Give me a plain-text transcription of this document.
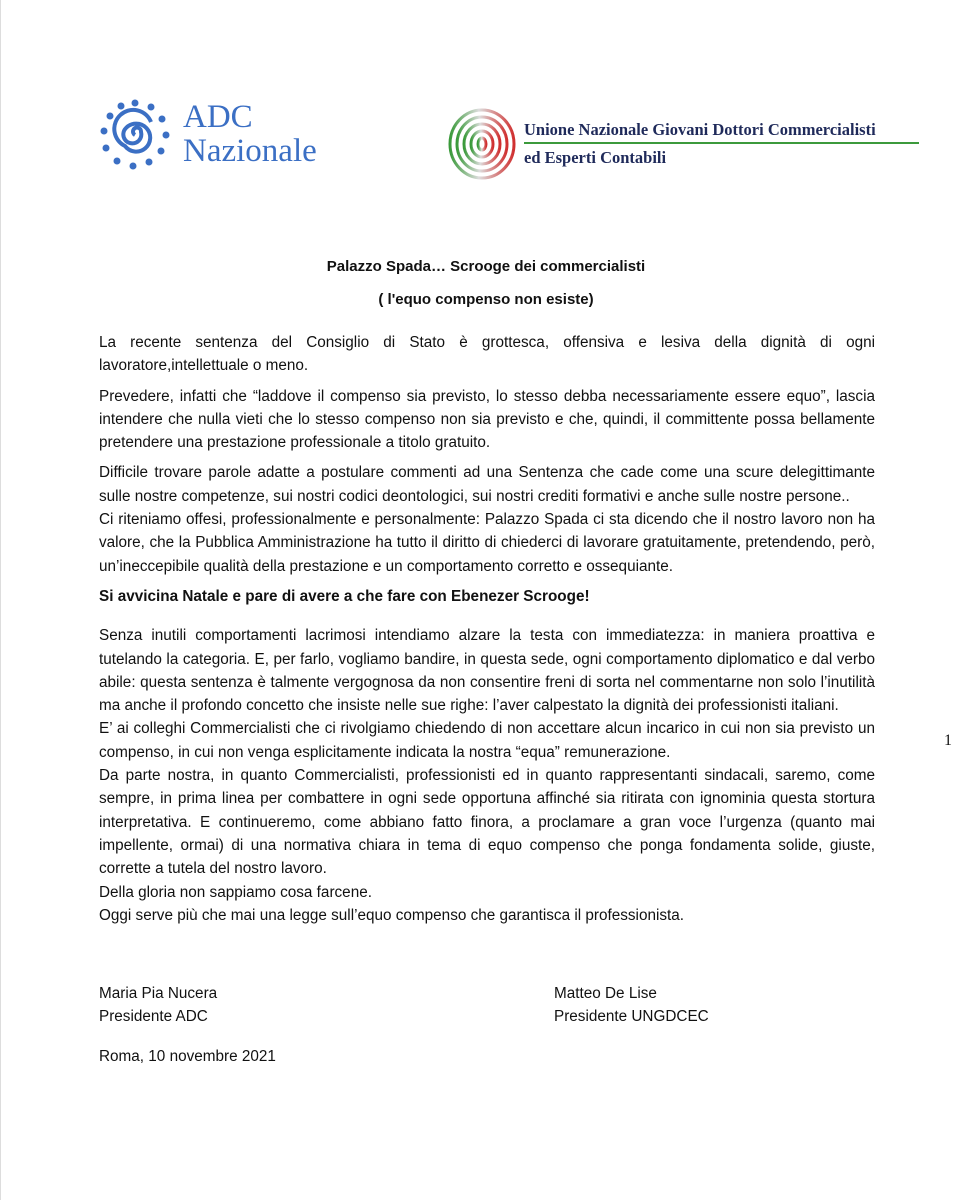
ADC
Nazionale
Unione Nazionale Giovani Dottori Commercialisti
ed Esperti Contabili
Palazzo Spada… Scrooge dei commercialisti
( l'equo compenso non esiste)

La recente sentenza del Consiglio di Stato è grottesca, offensiva e lesiva della dignità di ogni lavoratore,intellettuale o meno.

Prevedere, infatti che “laddove il compenso sia previsto, lo stesso debba necessariamente essere equo”, lascia intendere che nulla vieti che lo stesso compenso non sia previsto e che, quindi, il committente possa bellamente pretendere una prestazione professionale a titolo gratuito.

Difficile trovare parole adatte a postulare commenti ad una Sentenza che cade come una scure delegittimante sulle nostre competenze, sui nostri codici deontologici, sui nostri crediti formativi e anche sulle nostre persone..

Ci riteniamo offesi, professionalmente e personalmente: Palazzo Spada ci sta dicendo che il nostro lavoro non ha valore, che la Pubblica Amministrazione ha tutto il diritto di chiederci di lavorare gratuitamente, pretendendo, però, un’ineccepibile qualità della prestazione e un comportamento corretto e ossequiante.

Si avvicina Natale e pare di avere a che fare con Ebenezer Scrooge!

Senza inutili comportamenti lacrimosi intendiamo alzare la testa con immediatezza: in maniera proattiva e tutelando la categoria. E, per farlo, vogliamo bandire, in questa sede, ogni comportamento diplomatico e dal verbo abile: questa sentenza è talmente vergognosa da non consentire freni di sorta nel commentarne non solo l’inutilità ma anche il profondo concetto che insiste nelle sue righe: l’aver calpestato la dignità dei professionisti italiani.

E’ ai colleghi Commercialisti che ci rivolgiamo chiedendo di non accettare alcun incarico in cui non sia previsto un compenso, in cui non venga esplicitamente indicata la nostra “equa” remunerazione.

Da parte nostra, in quanto Commercialisti, professionisti ed in quanto rappresentanti sindacali, saremo, come sempre, in prima linea per combattere in ogni sede opportuna affinché sia ritirata con ignominia questa stortura interpretativa. E continueremo, come abbiano fatto finora, a proclamare a gran voce l’urgenza (quanto mai impellente, ormai) di una normativa chiara in tema di equo compenso che ponga fondamenta solide, giuste, corrette a tutela del nostro lavoro.

Della gloria non sappiamo cosa farcene.

Oggi serve più che mai una legge sull’equo compenso che garantisca il professionista.

Maria Pia Nucera
Presidente ADC
Matteo De Lise
Presidente UNGDCEC
Roma, 10 novembre 2021
1
